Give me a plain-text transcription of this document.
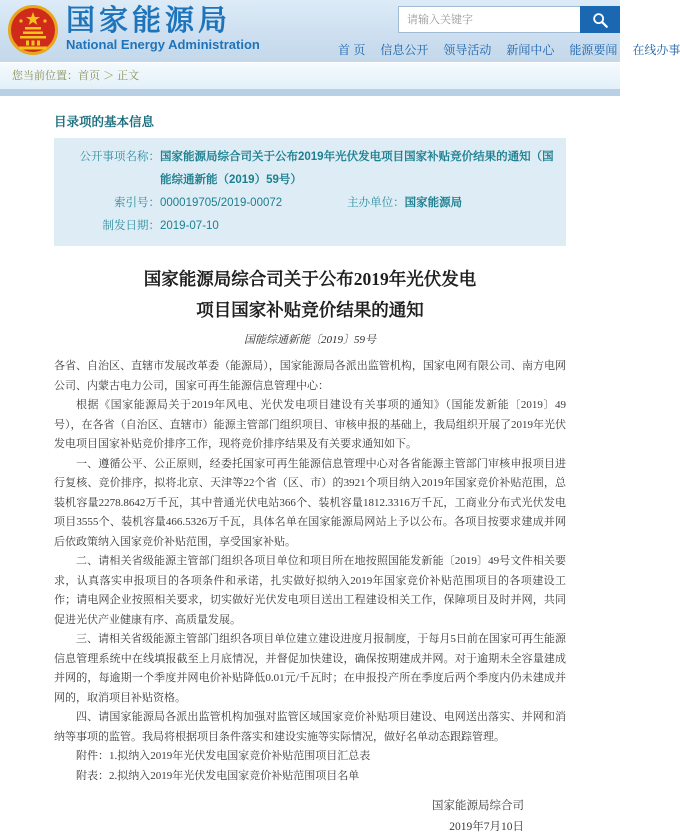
国家能源局
National Energy Administration
请输入关键字	首 页 信息公开 领导活动 新闻中心 能源要闻 在线办事
您当前位置：首页 ＞ 正文
目录项的基本信息
公开事项名称： 国家能源局综合司关于公布2019年光伏发电项目国家补贴竞价结果的通知（国能综通新能（2019）59号）
索引号： 000019705/2019-00072	主办单位： 国家能源局
制发日期： 2019-07-10
国家能源局综合司关于公布2019年光伏发电
项目国家补贴竞价结果的通知
国能综通新能〔2019〕59号

各省、自治区、直辖市发展改革委（能源局），国家能源局各派出监管机构，国家电网有限公司、南方电网公司、内蒙古电力公司，国家可再生能源信息管理中心：

根据《国家能源局关于2019年风电、光伏发电项目建设有关事项的通知》（国能发新能〔2019〕49号），在各省（自治区、直辖市）能源主管部门组织项目、审核申报的基础上，我局组织开展了2019年光伏发电项目国家补贴竞价排序工作，现将竞价排序结果及有关要求通知如下。

一、遵循公平、公正原则，经委托国家可再生能源信息管理中心对各省能源主管部门审核申报项目进行复核、竞价排序，拟将北京、天津等22个省（区、市）的3921个项目纳入2019年国家竞价补贴范围，总装机容量2278.8642万千瓦，其中普通光伏电站366个、装机容量1812.3316万千瓦，工商业分布式光伏发电项目3555个、装机容量466.5326万千瓦，具体名单在国家能源局网站上予以公布。各项目按要求建成并网后依政策纳入国家竞价补贴范围，享受国家补贴。

二、请相关省级能源主管部门组织各项目单位和项目所在地按照国能发新能〔2019〕49号文件相关要求，认真落实申报项目的各项条件和承诺，扎实做好拟纳入2019年国家竞价补贴范围项目的各项建设工作；请电网企业按照相关要求，切实做好光伏发电项目送出工程建设相关工作，保障项目及时并网，共同促进光伏产业健康有序、高质量发展。

三、请相关省级能源主管部门组织各项目单位建立建设进度月报制度，于每月5日前在国家可再生能源信息管理系统中在线填报截至上月底情况，并督促加快建设，确保按期建成并网。对于逾期未全容量建成并网的，每逾期一个季度并网电价补贴降低0.01元/千瓦时；在申报投产所在季度后两个季度内仍未建成并网的，取消项目补贴资格。

四、请国家能源局各派出监管机构加强对监管区域国家竞价补贴项目建设、电网送出落实、并网和消纳等事项的监管。我局将根据项目条件落实和建设实施等实际情况，做好名单动态跟踪管理。

附件：1.拟纳入2019年光伏发电国家竞价补贴范围项目汇总表
附表：2.拟纳入2019年光伏发电国家竞价补贴范围项目名单
国家能源局综合司
2019年7月10日
